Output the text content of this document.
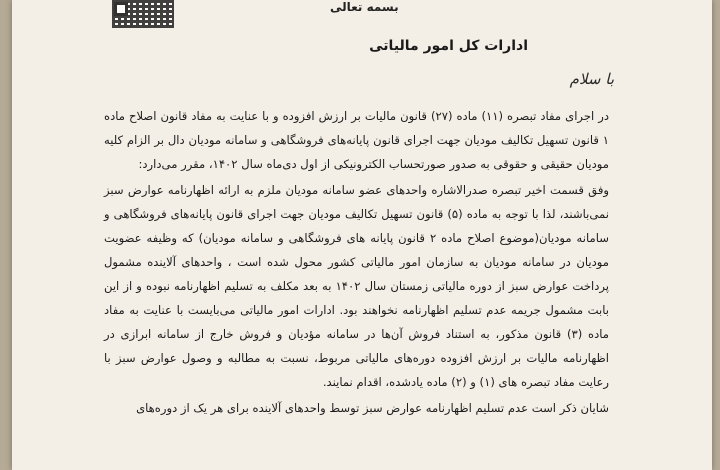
بسمه تعالی
ادارات کل امور مالیاتی
با سلام

در اجرای مفاد تبصره (۱۱) ماده (۲۷) قانون مالیات بر ارزش افزوده و با عنایت به مفاد قانون اصلاح ماده ۱ قانون تسهیل تکالیف مودیان جهت اجرای قانون پایانه‌های فروشگاهی و سامانه مودیان دال بر الزام کلیه مودیان حقیقی و حقوقی به صدور صورتحساب الکترونیکی از اول دی‌ماه سال ۱۴۰۲، مقرر می‌دارد:

وفق قسمت اخیر تبصره صدرالاشاره واحدهای عضو سامانه مودیان ملزم به ارائه اظهارنامه عوارض سبز نمی‌باشند، لذا با توجه به ماده (۵) قانون تسهیل تکالیف مودیان جهت اجرای قانون پایانه‌های فروشگاهی و سامانه مودیان(موضوع اصلاح ماده ۲ قانون پایانه های فروشگاهی و سامانه مودیان) که وظیفه عضویت مودیان در سامانه مودیان به سازمان امور مالیاتی کشور محول شده است ، واحدهای آلاینده مشمول پرداخت عوارض سبز از دوره مالیاتی زمستان سال ۱۴۰۲ به بعد مکلف به تسلیم اظهارنامه نبوده و از این بابت مشمول جریمه عدم تسلیم اظهارنامه نخواهند بود. ادارات امور مالیاتی می‌بایست با عنایت به مفاد ماده (۳) قانون مذکور، به استناد فروش آن‌ها در سامانه مؤدیان و فروش خارج از سامانه ابرازی در اظهارنامه مالیات بر ارزش افزوده دوره‌های مالیاتی مربوط، نسبت به مطالبه و وصول عوارض سبز با رعایت مفاد تبصره های (۱) و (۲) ماده یادشده، اقدام نمایند.

شایان ذکر است عدم تسلیم اظهارنامه عوارض سبز توسط واحدهای آلاینده برای هر یک از دوره‌های
